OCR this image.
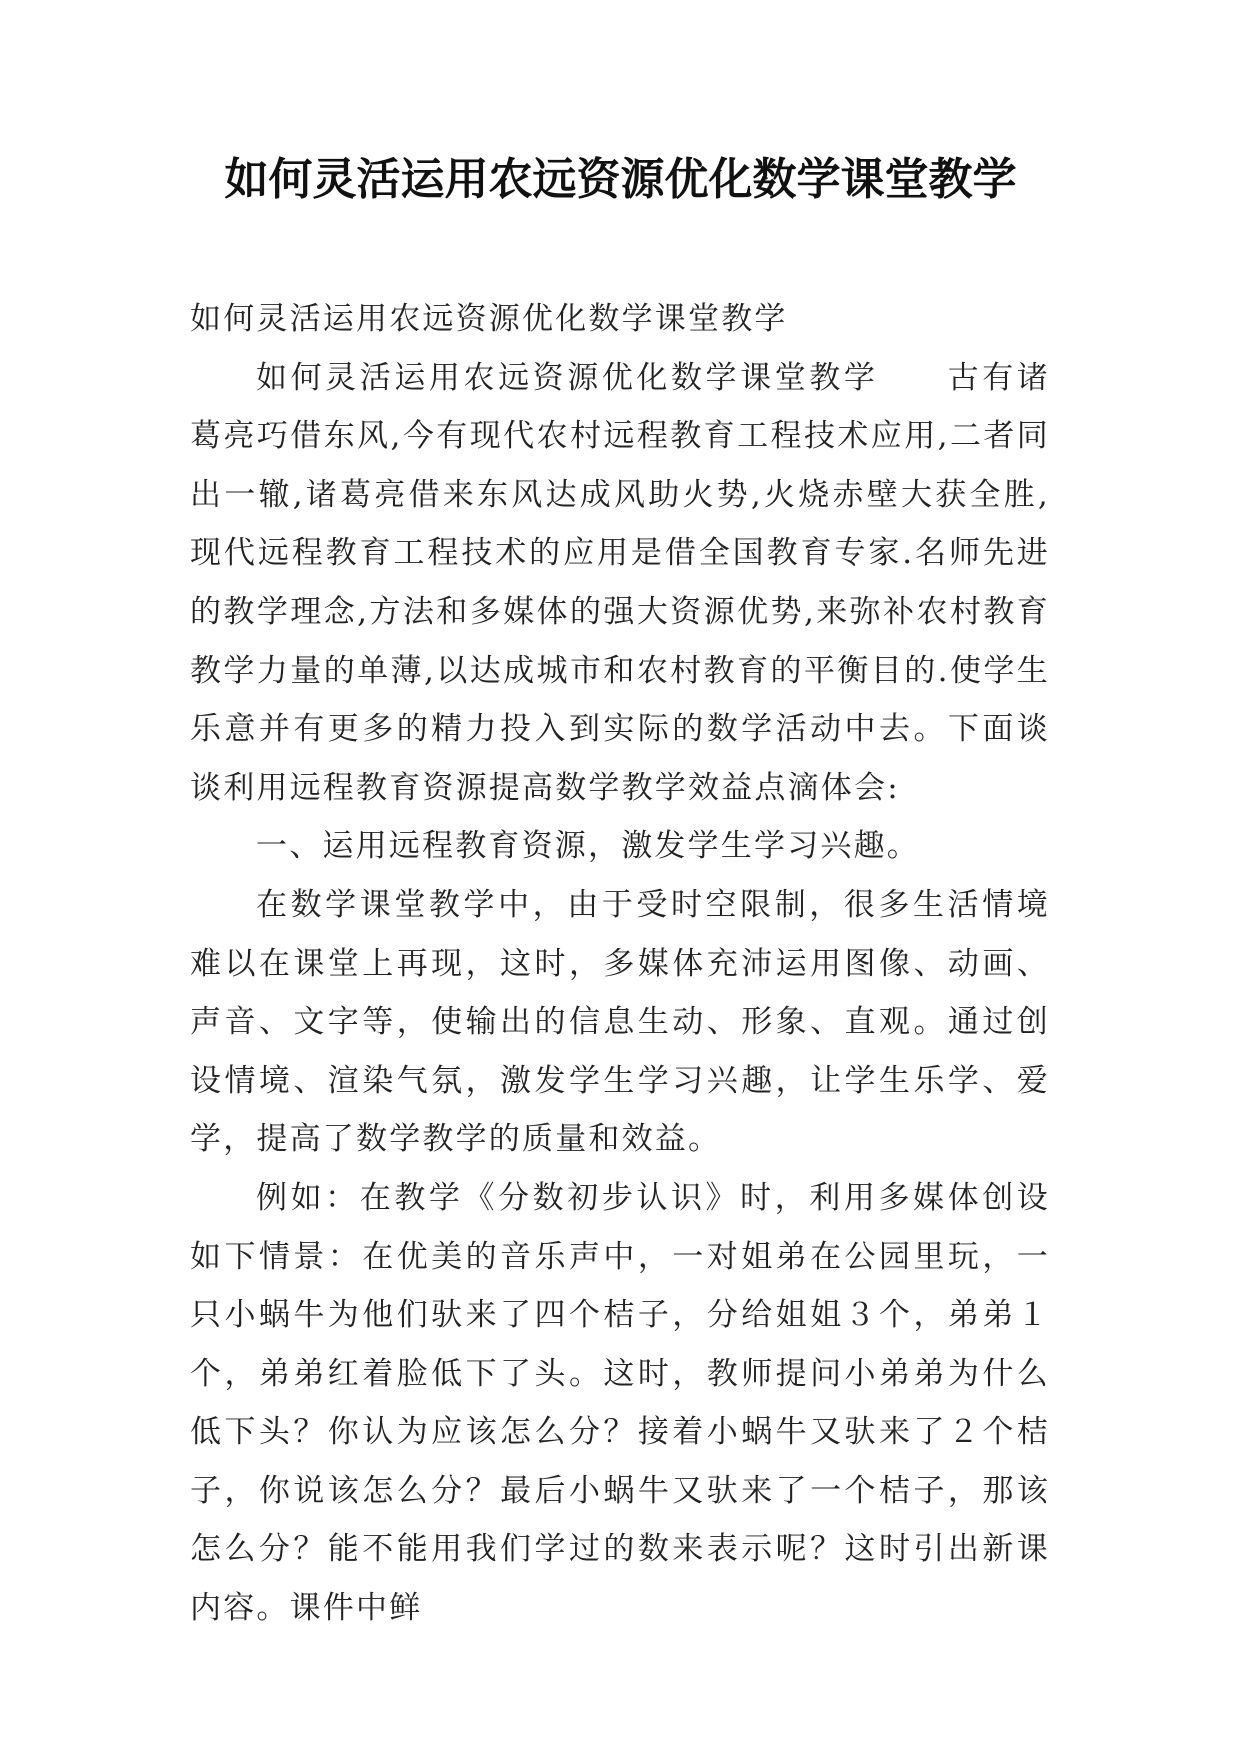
如何灵活运用农远资源优化数学课堂教学

如何灵活运用农远资源优化数学课堂教学

如何灵活运用农远资源优化数学课堂教学　　古有诸葛亮巧借东风,今有现代农村远程教育工程技术应用,二者同出一辙,诸葛亮借来东风达成风助火势,火烧赤壁大获全胜,现代远程教育工程技术的应用是借全国教育专家.名师先进的教学理念,方法和多媒体的强大资源优势,来弥补农村教育教学力量的单薄,以达成城市和农村教育的平衡目的.使学生乐意并有更多的精力投入到实际的数学活动中去。下面谈谈利用远程教育资源提高数学教学效益点滴体会:

一、运用远程教育资源，激发学生学习兴趣。

在数学课堂教学中，由于受时空限制，很多生活情境难以在课堂上再现，这时，多媒体充沛运用图像、动画、声音、文字等，使输出的信息生动、形象、直观。通过创设情境、渲染气氛，激发学生学习兴趣，让学生乐学、爱学，提高了数学教学的质量和效益。

例如：在教学《分数初步认识》时，利用多媒体创设如下情景：在优美的音乐声中，一对姐弟在公园里玩，一只小蜗牛为他们驮来了四个桔子，分给姐姐３个，弟弟１个，弟弟红着脸低下了头。这时，教师提问小弟弟为什么低下头？你认为应该怎么分？接着小蜗牛又驮来了２个桔子，你说该怎么分？最后小蜗牛又驮来了一个桔子，那该怎么分？能不能用我们学过的数来表示呢？这时引出新课内容。课件中鲜
